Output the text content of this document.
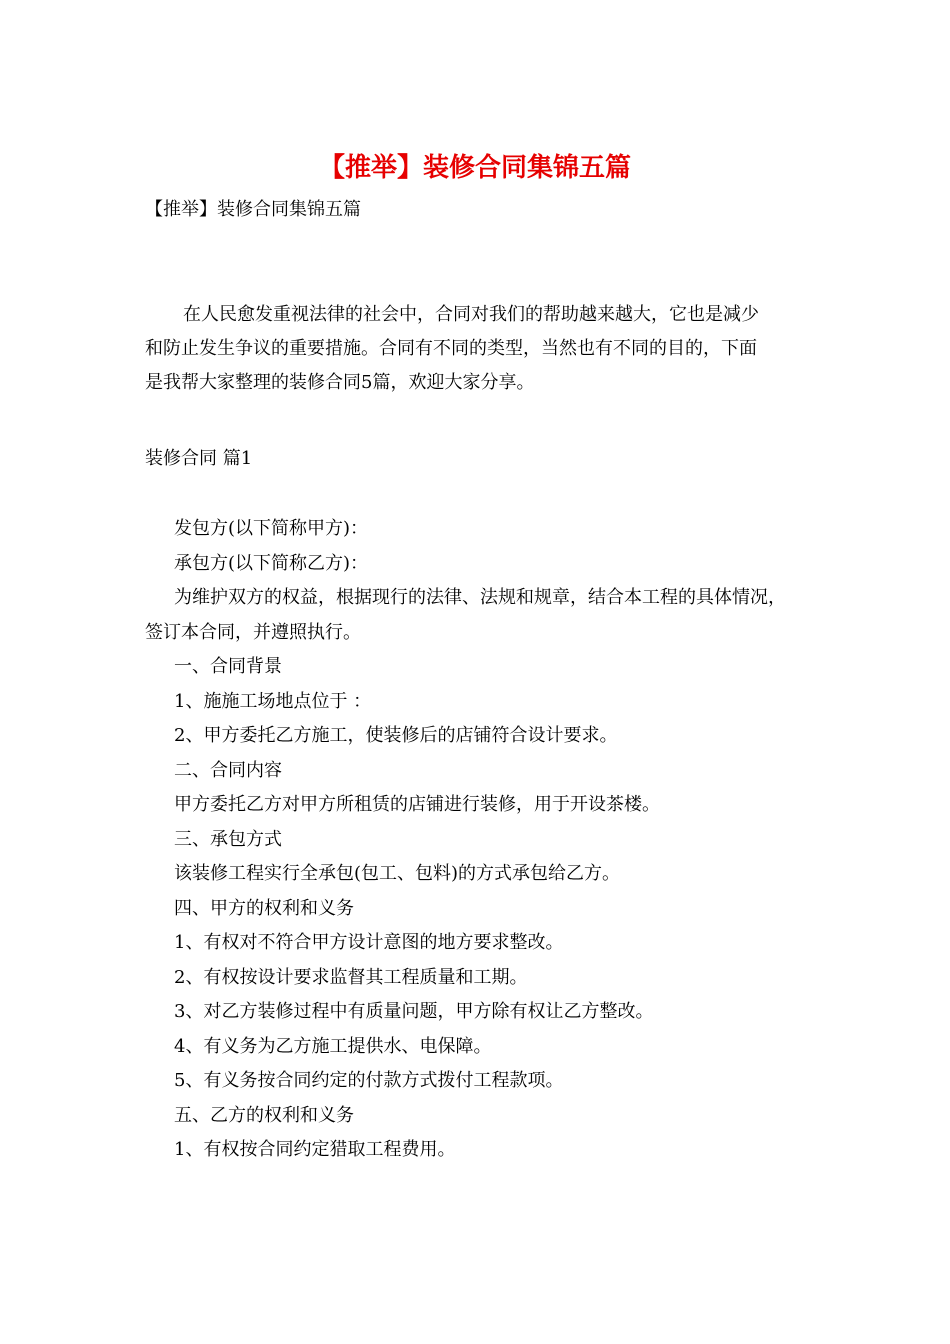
【推举】装修合同集锦五篇
【推举】装修合同集锦五篇
在人民愈发重视法律的社会中，合同对我们的帮助越来越大，它也是减少
和防止发生争议的重要措施。合同有不同的类型，当然也有不同的目的，下面
是我帮大家整理的装修合同5篇，欢迎大家分享。
装修合同 篇1
发包方(以下简称甲方)：
承包方(以下简称乙方)：
为维护双方的权益，根据现行的法律、法规和规章，结合本工程的具体情况，
签订本合同，并遵照执行。
一、合同背景
1、施施工场地点位于 ：
2、甲方委托乙方施工，使装修后的店铺符合设计要求。
二、合同内容
甲方委托乙方对甲方所租赁的店铺进行装修，用于开设茶楼。
三、承包方式
该装修工程实行全承包(包工、包料)的方式承包给乙方。
四、甲方的权利和义务
1、有权对不符合甲方设计意图的地方要求整改。
2、有权按设计要求监督其工程质量和工期。
3、对乙方装修过程中有质量问题，甲方除有权让乙方整改。
4、有义务为乙方施工提供水、电保障。
5、有义务按合同约定的付款方式拨付工程款项。
五、乙方的权利和义务
1、有权按合同约定猎取工程费用。
